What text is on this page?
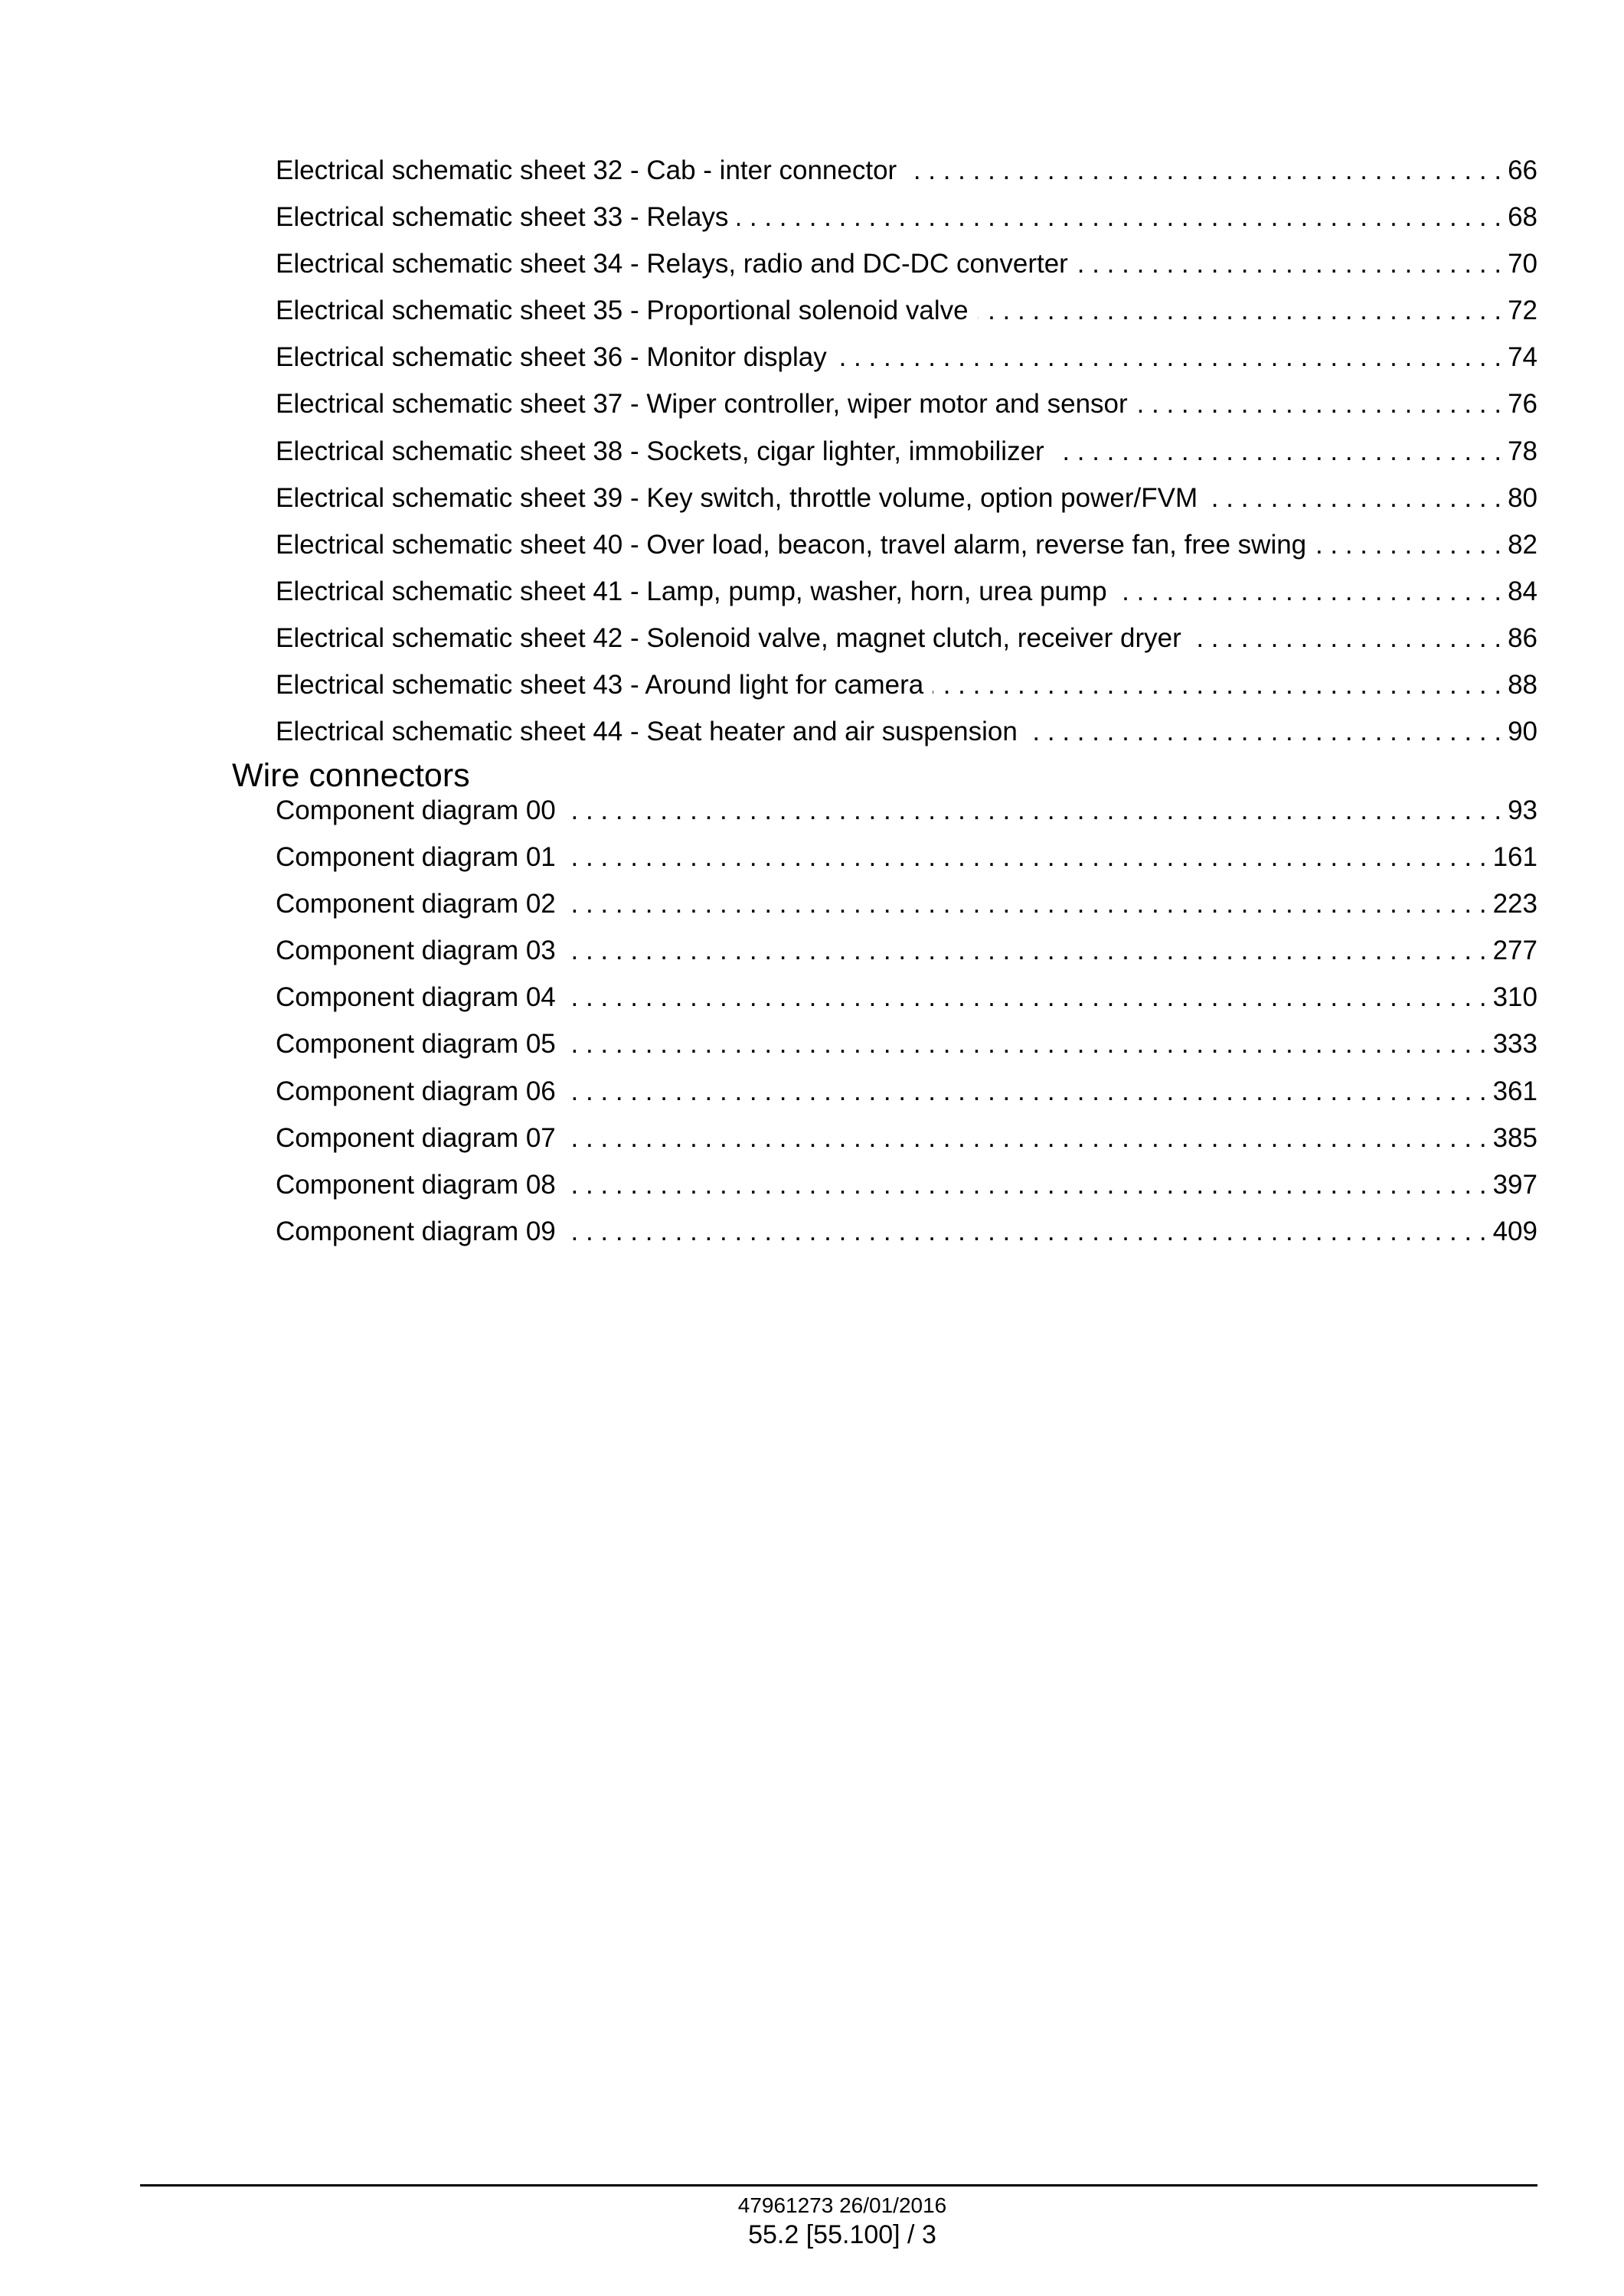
Electrical schematic sheet 32 - Cab - inter connector . . .	66
Electrical schematic sheet 33 - Relays . . .	68
Electrical schematic sheet 34 - Relays, radio and DC-DC converter . . .	70
Electrical schematic sheet 35 - Proportional solenoid valve . . .	72
Electrical schematic sheet 36 - Monitor display . . .	74
Electrical schematic sheet 37 - Wiper controller, wiper motor and sensor . . .	76
Electrical schematic sheet 38 - Sockets, cigar lighter, immobilizer . . .	78
Electrical schematic sheet 39 - Key switch, throttle volume, option power/FVM . . .	80
Electrical schematic sheet 40 - Over load, beacon, travel alarm, reverse fan, free swing . . .	82
Electrical schematic sheet 41 - Lamp, pump, washer, horn, urea pump . . .	84
Electrical schematic sheet 42 - Solenoid valve, magnet clutch, receiver dryer . . .	86
Electrical schematic sheet 43 - Around light for camera . . .	88
Electrical schematic sheet 44 - Seat heater and air suspension . . .	90
Wire connectors
Component diagram 00 . . .	93
Component diagram 01 . . .	161
Component diagram 02 . . .	223
Component diagram 03 . . .	277
Component diagram 04 . . .	310
Component diagram 05 . . .	333
Component diagram 06 . . .	361
Component diagram 07 . . .	385
Component diagram 08 . . .	397
Component diagram 09 . . .	409
47961273 26/01/2016
55.2 [55.100] / 3
